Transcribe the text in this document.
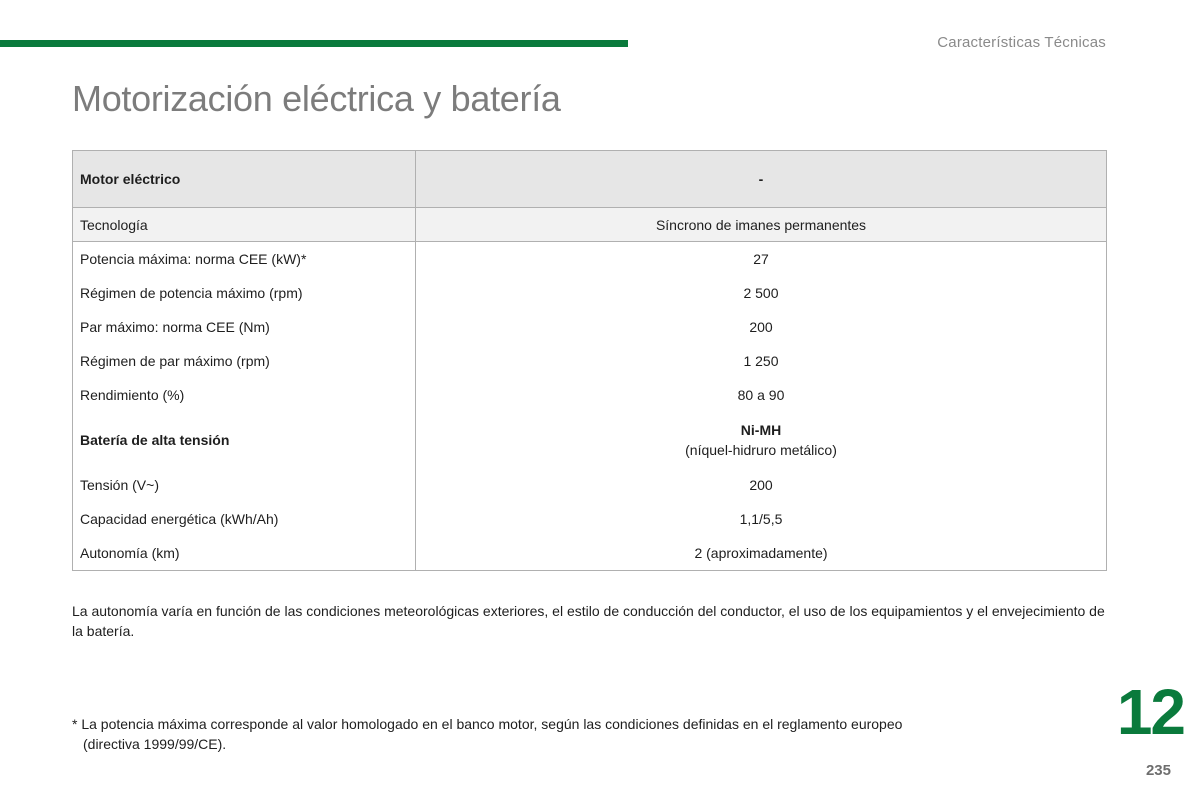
Características Técnicas
Motorización eléctrica y batería
Motor eléctrico	-
Tecnología	Síncrono de imanes permanentes
Potencia máxima: norma CEE (kW)*	27
Régimen de potencia máximo (rpm)	2 500
Par máximo: norma CEE (Nm)	200
Régimen de par máximo (rpm)	1 250
Rendimiento (%)	80 a 90
Batería de alta tensión	Ni-MH
(níquel-hidruro metálico)

Tensión (V~)	200
Capacidad energética (kWh/Ah)	1,1/5,5
Autonomía (km)	2 (aproximadamente)

La autonomía varía en función de las condiciones meteorológicas exteriores, el estilo de conducción del conductor, el uso de los equipamientos y el envejecimiento de la batería.

* La potencia máxima corresponde al valor homologado en el banco motor, según las condiciones definidas en el reglamento europeo
(directiva 1999/99/CE).	12
235
